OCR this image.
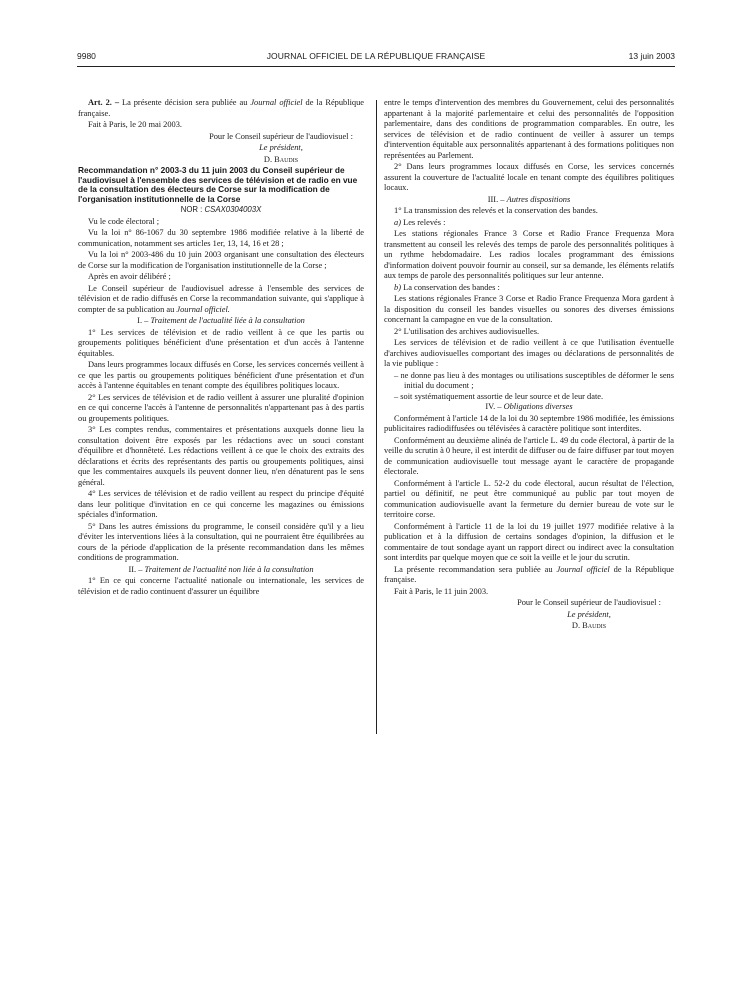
9980	JOURNAL OFFICIEL DE LA RÉPUBLIQUE FRANÇAISE	13 juin 2003

Art. 2. – La présente décision sera publiée au Journal officiel de la République française.

Fait à Paris, le 20 mai 2003.

Pour le Conseil supérieur de l'audiovisuel :

Le président,

D. Baudis

Recommandation n° 2003-3 du 11 juin 2003 du Conseil supérieur de l'audiovisuel à l'ensemble des services de télévision et de radio en vue de la consultation des électeurs de Corse sur la modification de l'organisation institutionnelle de la Corse

NOR : CSAX0304003X

Vu le code électoral ;

Vu la loi n° 86-1067 du 30 septembre 1986 modifiée relative à la liberté de communication, notamment ses articles 1er, 13, 14, 16 et 28 ;

Vu la loi n° 2003-486 du 10 juin 2003 organisant une consultation des électeurs de Corse sur la modification de l'organisation institutionnelle de la Corse ;

Après en avoir délibéré ;

Le Conseil supérieur de l'audiovisuel adresse à l'ensemble des services de télévision et de radio diffusés en Corse la recommandation suivante, qui s'applique à compter de sa publication au Journal officiel.

I. – Traitement de l'actualité liée à la consultation

1° Les services de télévision et de radio veillent à ce que les partis ou groupements politiques bénéficient d'une présentation et d'un accès à l'antenne équitables.

Dans leurs programmes locaux diffusés en Corse, les services concernés veillent à ce que les partis ou groupements politiques bénéficient d'une présentation et d'un accès à l'antenne équitables en tenant compte des équilibres politiques locaux.

2° Les services de télévision et de radio veillent à assurer une pluralité d'opinion en ce qui concerne l'accès à l'antenne de personnalités n'appartenant pas à des partis ou groupements politiques.

3° Les comptes rendus, commentaires et présentations auxquels donne lieu la consultation doivent être exposés par les rédactions avec un souci constant d'équilibre et d'honnêteté. Les rédactions veillent à ce que le choix des extraits des déclarations et écrits des représentants des partis ou groupements politiques, ainsi que les commentaires auxquels ils peuvent donner lieu, n'en dénaturent pas le sens général.

4° Les services de télévision et de radio veillent au respect du principe d'équité dans leur politique d'invitation en ce qui concerne les magazines ou émissions spéciales d'information.

5° Dans les autres émissions du programme, le conseil considère qu'il y a lieu d'éviter les interventions liées à la consultation, qui ne pourraient être équilibrées au cours de la période d'application de la présente recommandation dans les mêmes conditions de programmation.

II. – Traitement de l'actualité non liée à la consultation

1° En ce qui concerne l'actualité nationale ou internationale, les services de télévision et de radio continuent d'assurer un équilibre

entre le temps d'intervention des membres du Gouvernement, celui des personnalités appartenant à la majorité parlementaire et celui des personnalités de l'opposition parlementaire, dans des conditions de programmation comparables. En outre, les services de télévision et de radio continuent de veiller à assurer un temps d'intervention équitable aux personnalités appartenant à des formations politiques non représentées au Parlement.

2° Dans leurs programmes locaux diffusés en Corse, les services concernés assurent la couverture de l'actualité locale en tenant compte des équilibres politiques locaux.

III. – Autres dispositions

1° La transmission des relevés et la conservation des bandes.

a) Les relevés :

Les stations régionales France 3 Corse et Radio France Frequenza Mora transmettent au conseil les relevés des temps de parole des personnalités politiques à un rythme hebdomadaire. Les radios locales programmant des émissions d'information doivent pouvoir fournir au conseil, sur sa demande, les éléments relatifs aux temps de parole des personnalités politiques sur leur antenne.

b) La conservation des bandes :

Les stations régionales France 3 Corse et Radio France Frequenza Mora gardent à la disposition du conseil les bandes visuelles ou sonores des diverses émissions concernant la campagne en vue de la consultation.

2° L'utilisation des archives audiovisuelles.

Les services de télévision et de radio veillent à ce que l'utilisation éventuelle d'archives audiovisuelles comportant des images ou déclarations de personnalités de la vie publique :

– ne donne pas lieu à des montages ou utilisations susceptibles de déformer le sens initial du document ;
– soit systématiquement assortie de leur source et de leur date.

IV. – Obligations diverses

Conformément à l'article 14 de la loi du 30 septembre 1986 modifiée, les émissions publicitaires radiodiffusées ou télévisées à caractère politique sont interdites.

Conformément au deuxième alinéa de l'article L. 49 du code électoral, à partir de la veille du scrutin à 0 heure, il est interdit de diffuser ou de faire diffuser par tout moyen de communication audiovisuelle tout message ayant le caractère de propagande électorale.

Conformément à l'article L. 52-2 du code électoral, aucun résultat de l'élection, partiel ou définitif, ne peut être communiqué au public par tout moyen de communication audiovisuelle avant la fermeture du dernier bureau de vote sur le territoire corse.

Conformément à l'article 11 de la loi du 19 juillet 1977 modifiée relative à la publication et à la diffusion de certains sondages d'opinion, la diffusion et le commentaire de tout sondage ayant un rapport direct ou indirect avec la consultation sont interdits par quelque moyen que ce soit la veille et le jour du scrutin.

La présente recommandation sera publiée au Journal officiel de la République française.

Fait à Paris, le 11 juin 2003.

Pour le Conseil supérieur de l'audiovisuel :

Le président,

D. Baudis
